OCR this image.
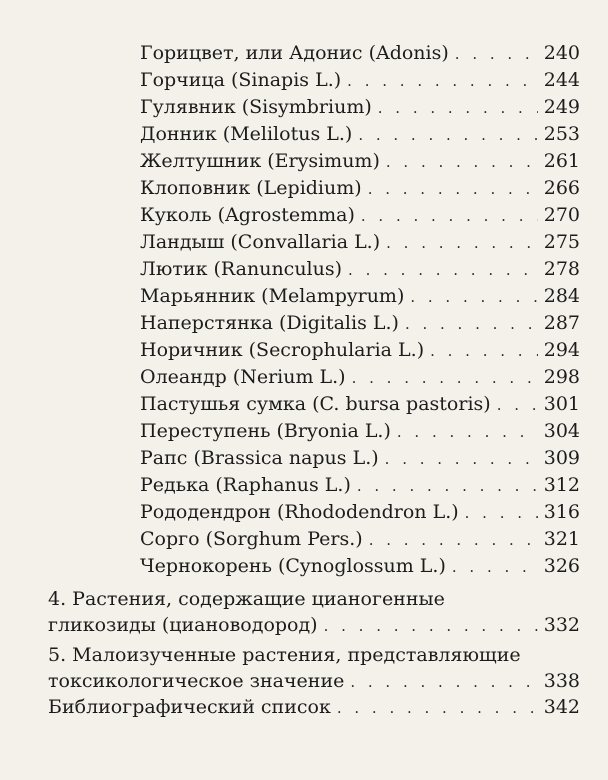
Горицвет, или Адонис (Adonis) . . .	240
Горчица (Sinapis L.) . . .	244
Гулявник (Sisymbrium) . . .	249
Донник (Melilotus L.) . . .	253
Желтушник (Erysimum) . . .	261
Клоповник (Lepidium) . . .	266
Куколь (Agrostemma) . . .	270
Ландыш (Convallaria L.) . . .	275
Лютик (Ranunculus) . . .	278
Марьянник (Melampyrum) . . .	284
Наперстянка (Digitalis L.) . . .	287
Норичник (Secrophularia L.) . . .	294
Олеандр (Nerium L.) . . .	298
Пастушья сумка (C. bursa pastoris) . . .	301
Переступень (Bryonia L.) . . .	304
Рапс (Brassica napus L.) . . .	309
Редька (Raphanus L.) . . .	312
Рододендрон (Rhododendron L.) . . .	316
Сорго (Sorghum Pers.) . . .	321
Чернокорень (Cynoglossum L.) . . .	326
4. Растения, содержащие цианогенные
гликозиды (циановодород) . . .	332
5. Малоизученные растения, представляющие
токсикологическое значение . . .	338
Библиографический список . . .	342
